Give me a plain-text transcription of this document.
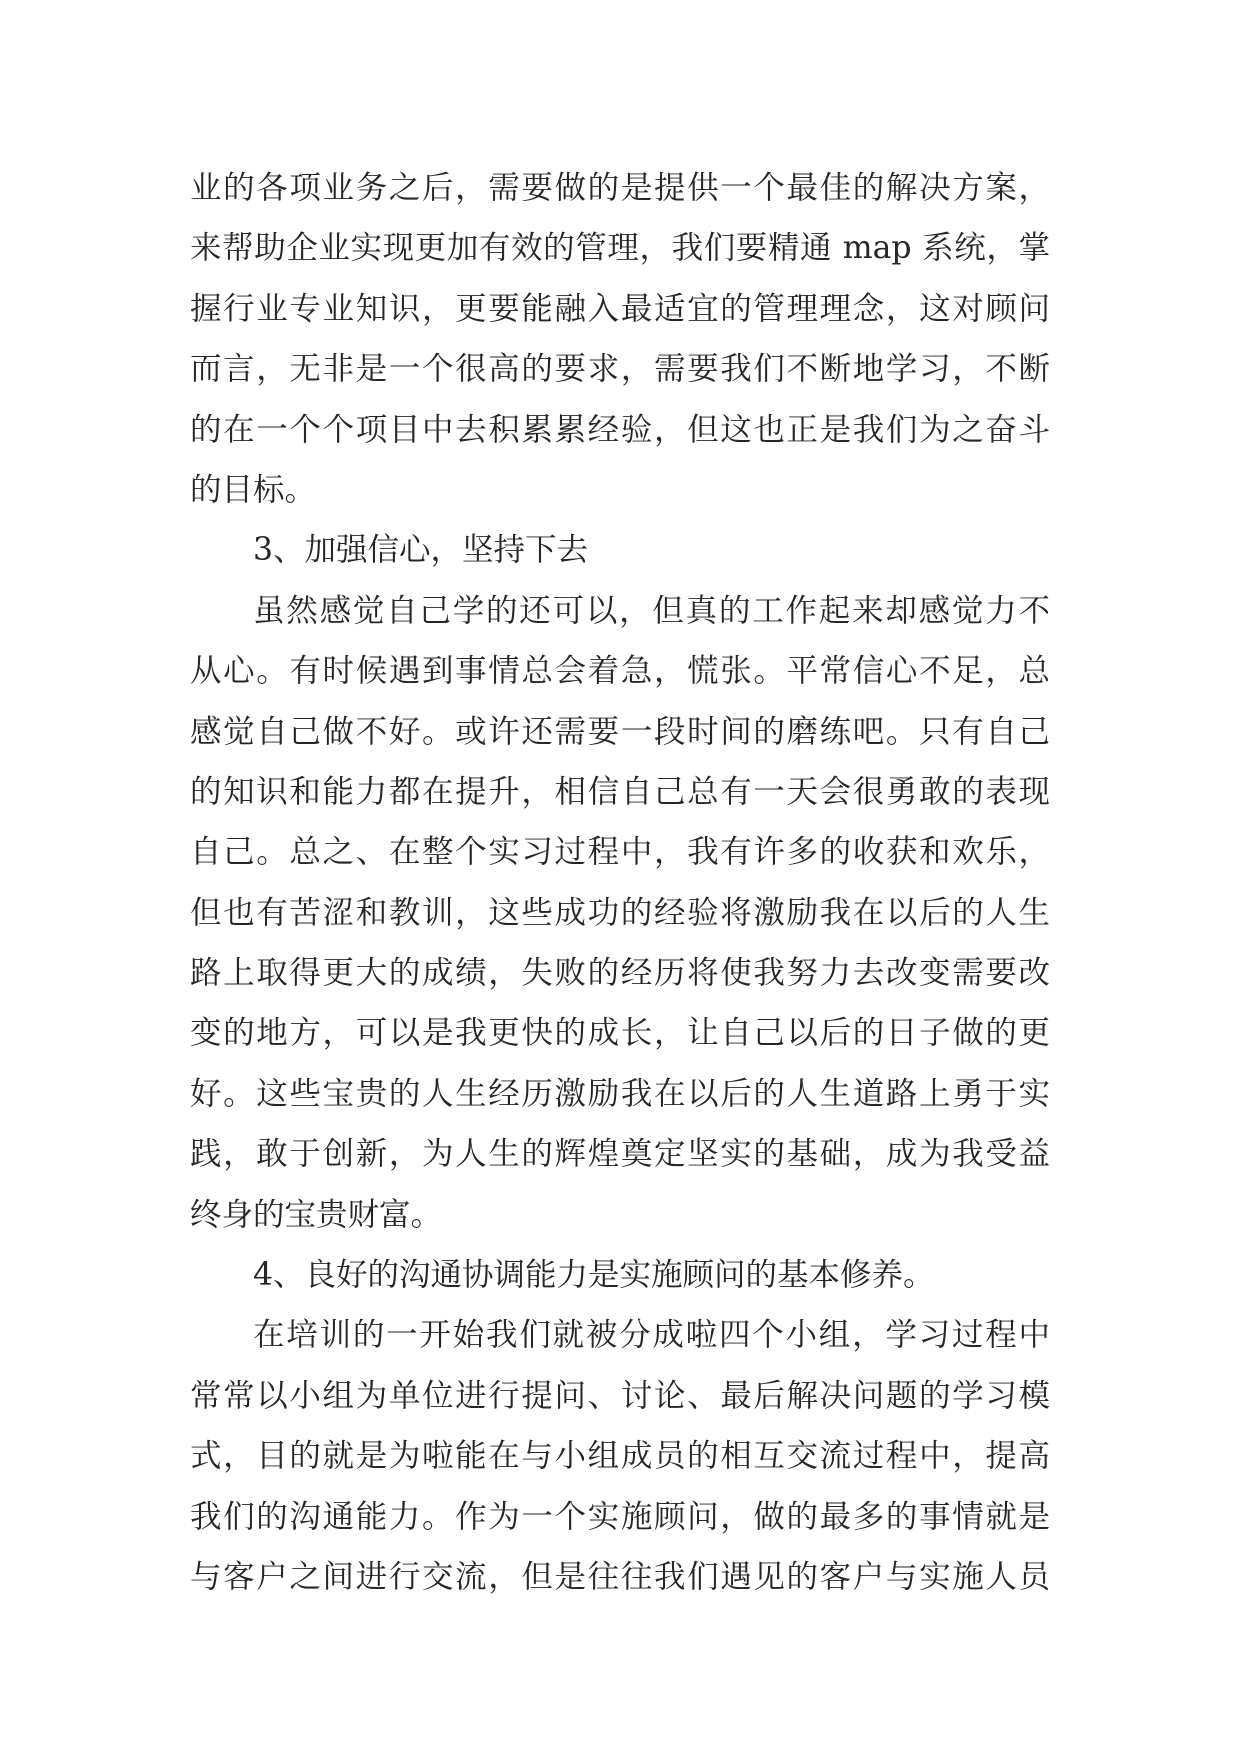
业的各项业务之后，需要做的是提供一个最佳的解决方案，
来帮助企业实现更加有效的管理，我们要精通 map 系统，掌
握行业专业知识，更要能融入最适宜的管理理念，这对顾问
而言，无非是一个很高的要求，需要我们不断地学习，不断
的在一个个项目中去积累累经验，但这也正是我们为之奋斗
的目标。
3、加强信心，坚持下去
虽然感觉自己学的还可以，但真的工作起来却感觉力不
从心。有时候遇到事情总会着急，慌张。平常信心不足，总
感觉自己做不好。或许还需要一段时间的磨练吧。只有自己
的知识和能力都在提升，相信自己总有一天会很勇敢的表现
自己。总之、在整个实习过程中，我有许多的收获和欢乐，
但也有苦涩和教训，这些成功的经验将激励我在以后的人生
路上取得更大的成绩，失败的经历将使我努力去改变需要改
变的地方，可以是我更快的成长，让自己以后的日子做的更
好。这些宝贵的人生经历激励我在以后的人生道路上勇于实
践，敢于创新，为人生的辉煌奠定坚实的基础，成为我受益
终身的宝贵财富。
4、良好的沟通协调能力是实施顾问的基本修养。
在培训的一开始我们就被分成啦四个小组，学习过程中
常常以小组为单位进行提问、讨论、最后解决问题的学习模
式，目的就是为啦能在与小组成员的相互交流过程中，提高
我们的沟通能力。作为一个实施顾问，做的最多的事情就是
与客户之间进行交流，但是往往我们遇见的客户与实施人员
